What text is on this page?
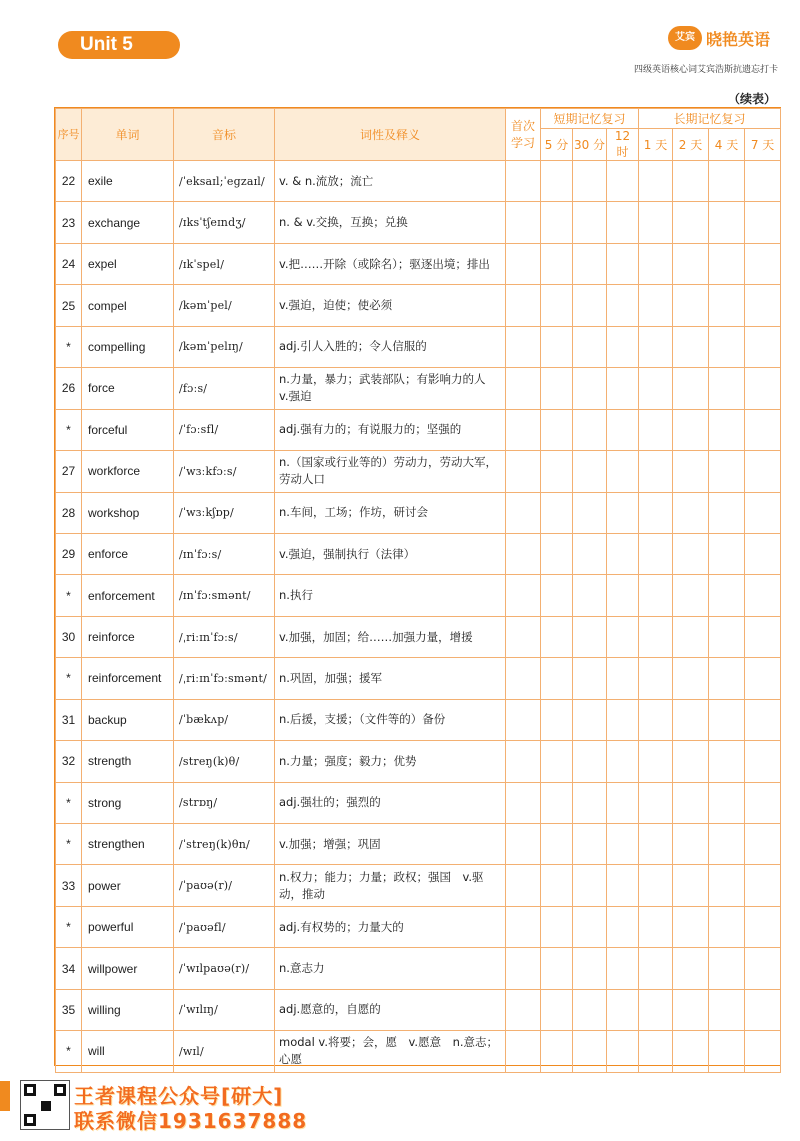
Unit 5	艾宾 晓艳英语
四级英语核心词艾宾浩斯抗遗忘打卡
（续表）
序号	单词	音标	词性及释义	首次学习	短期记忆复习			长期记忆复习			
					5 分	30 分	12 时	1 天	2 天	4 天	7 天
22	exile	/ˈeksaɪl;ˈegzaɪl/	v. & n.流放；流亡								
23	exchange	/ɪksˈtʃeɪndʒ/	n. & v.交换，互换；兑换								
24	expel	/ɪkˈspel/	v.把……开除（或除名）；驱逐出境；排出								
25	compel	/kəmˈpel/	v.强迫，迫使；使必须								
*	compelling	/kəmˈpelɪŋ/	adj.引人入胜的；令人信服的								
26	force	/fɔːs/	n.力量，暴力；武装部队；有影响力的人　v.强迫								
*	forceful	/ˈfɔːsfl/	adj.强有力的；有说服力的；坚强的								
27	workforce	/ˈwɜːkfɔːs/	n.（国家或行业等的）劳动力，劳动大军，劳动人口								
28	workshop	/ˈwɜːkʃɒp/	n.车间，工场；作坊，研讨会								
29	enforce	/ɪnˈfɔːs/	v.强迫，强制执行（法律）								
*	enforcement	/ɪnˈfɔːsmənt/	n.执行								
30	reinforce	/ˌriːɪnˈfɔːs/	v.加强，加固；给……加强力量，增援								
*	reinforcement	/ˌriːɪnˈfɔːsmənt/	n.巩固，加强；援军								
31	backup	/ˈbækʌp/	n.后援，支援；（文件等的）备份								
32	strength	/streŋ(k)θ/	n.力量；强度；毅力；优势								
*	strong	/strɒŋ/	adj.强壮的；强烈的								
*	strengthen	/ˈstreŋ(k)θn/	v.加强；增强；巩固								
33	power	/ˈpaʊə(r)/	n.权力；能力；力量；政权；强国　v.驱动，推动								
*	powerful	/ˈpaʊəfl/	adj.有权势的；力量大的								
34	willpower	/ˈwɪlpaʊə(r)/	n.意志力								
35	willing	/ˈwɪlɪŋ/	adj.愿意的，自愿的								
*	will	/wɪl/	modal v.将要；会，愿　v.愿意　n.意志；心愿								
王者课程公众号[研大]
联系微信1931637888
